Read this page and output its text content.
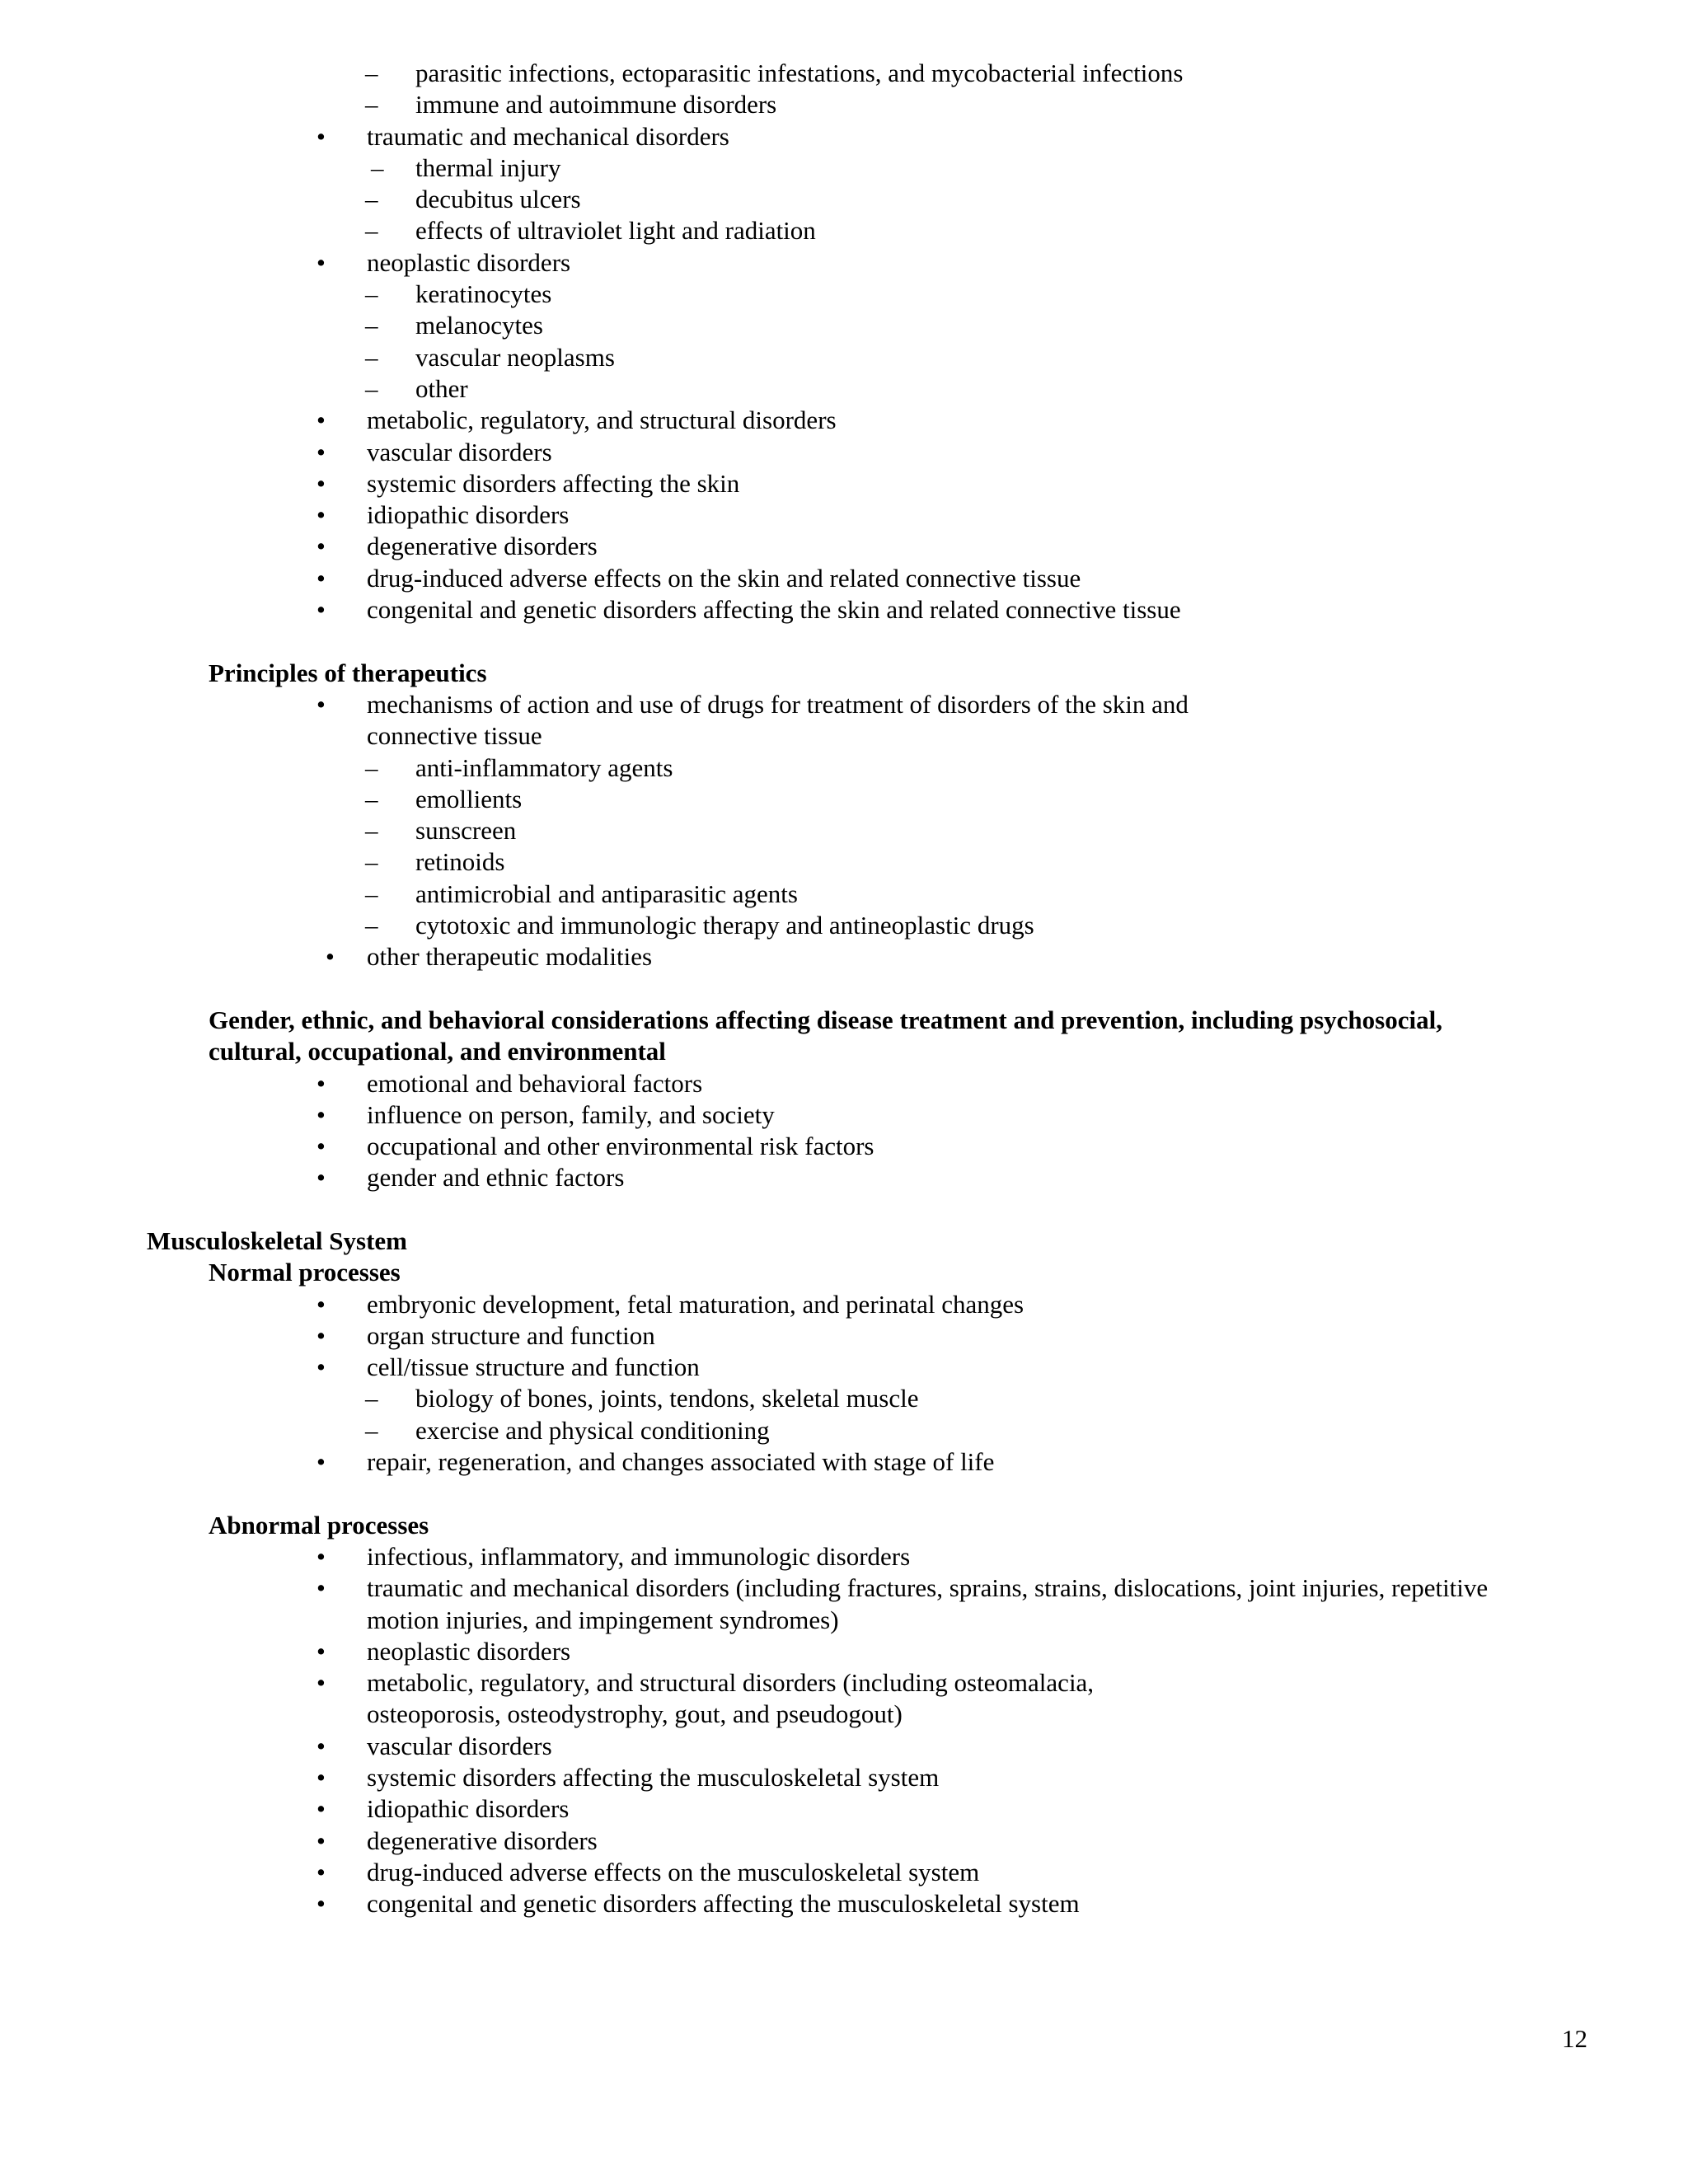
– parasitic infections, ectoparasitic infestations, and mycobacterial infections
– immune and autoimmune disorders
• traumatic and mechanical disorders
– thermal injury
– decubitus ulcers
– effects of ultraviolet light and radiation
• neoplastic disorders
– keratinocytes
– melanocytes
– vascular neoplasms
– other
• metabolic, regulatory, and structural disorders
• vascular disorders
• systemic disorders affecting the skin
• idiopathic disorders
• degenerative disorders
• drug-induced adverse effects on the skin and related connective tissue
• congenital and genetic disorders affecting the skin and related connective tissue
Principles of therapeutics
• mechanisms of action and use of drugs for treatment of disorders of the skin and
connective tissue
– anti-inflammatory agents
– emollients
– sunscreen
– retinoids
– antimicrobial and antiparasitic agents
– cytotoxic and immunologic therapy and antineoplastic drugs
• other therapeutic modalities
Gender, ethnic, and behavioral considerations affecting disease treatment and prevention, including psychosocial,
cultural, occupational, and environmental
• emotional and behavioral factors
• influence on person, family, and society
• occupational and other environmental risk factors
• gender and ethnic factors
Musculoskeletal System
Normal processes
• embryonic development, fetal maturation, and perinatal changes
• organ structure and function
• cell/tissue structure and function
– biology of bones, joints, tendons, skeletal muscle
– exercise and physical conditioning
• repair, regeneration, and changes associated with stage of life
Abnormal processes
• infectious, inflammatory, and immunologic disorders
• traumatic and mechanical disorders (including fractures, sprains, strains, dislocations, joint injuries, repetitive
motion injuries, and impingement syndromes)
• neoplastic disorders
• metabolic, regulatory, and structural disorders (including osteomalacia,
osteoporosis, osteodystrophy, gout, and pseudogout)
• vascular disorders
• systemic disorders affecting the musculoskeletal system
• idiopathic disorders
• degenerative disorders
• drug-induced adverse effects on the musculoskeletal system
• congenital and genetic disorders affecting the musculoskeletal system
12
